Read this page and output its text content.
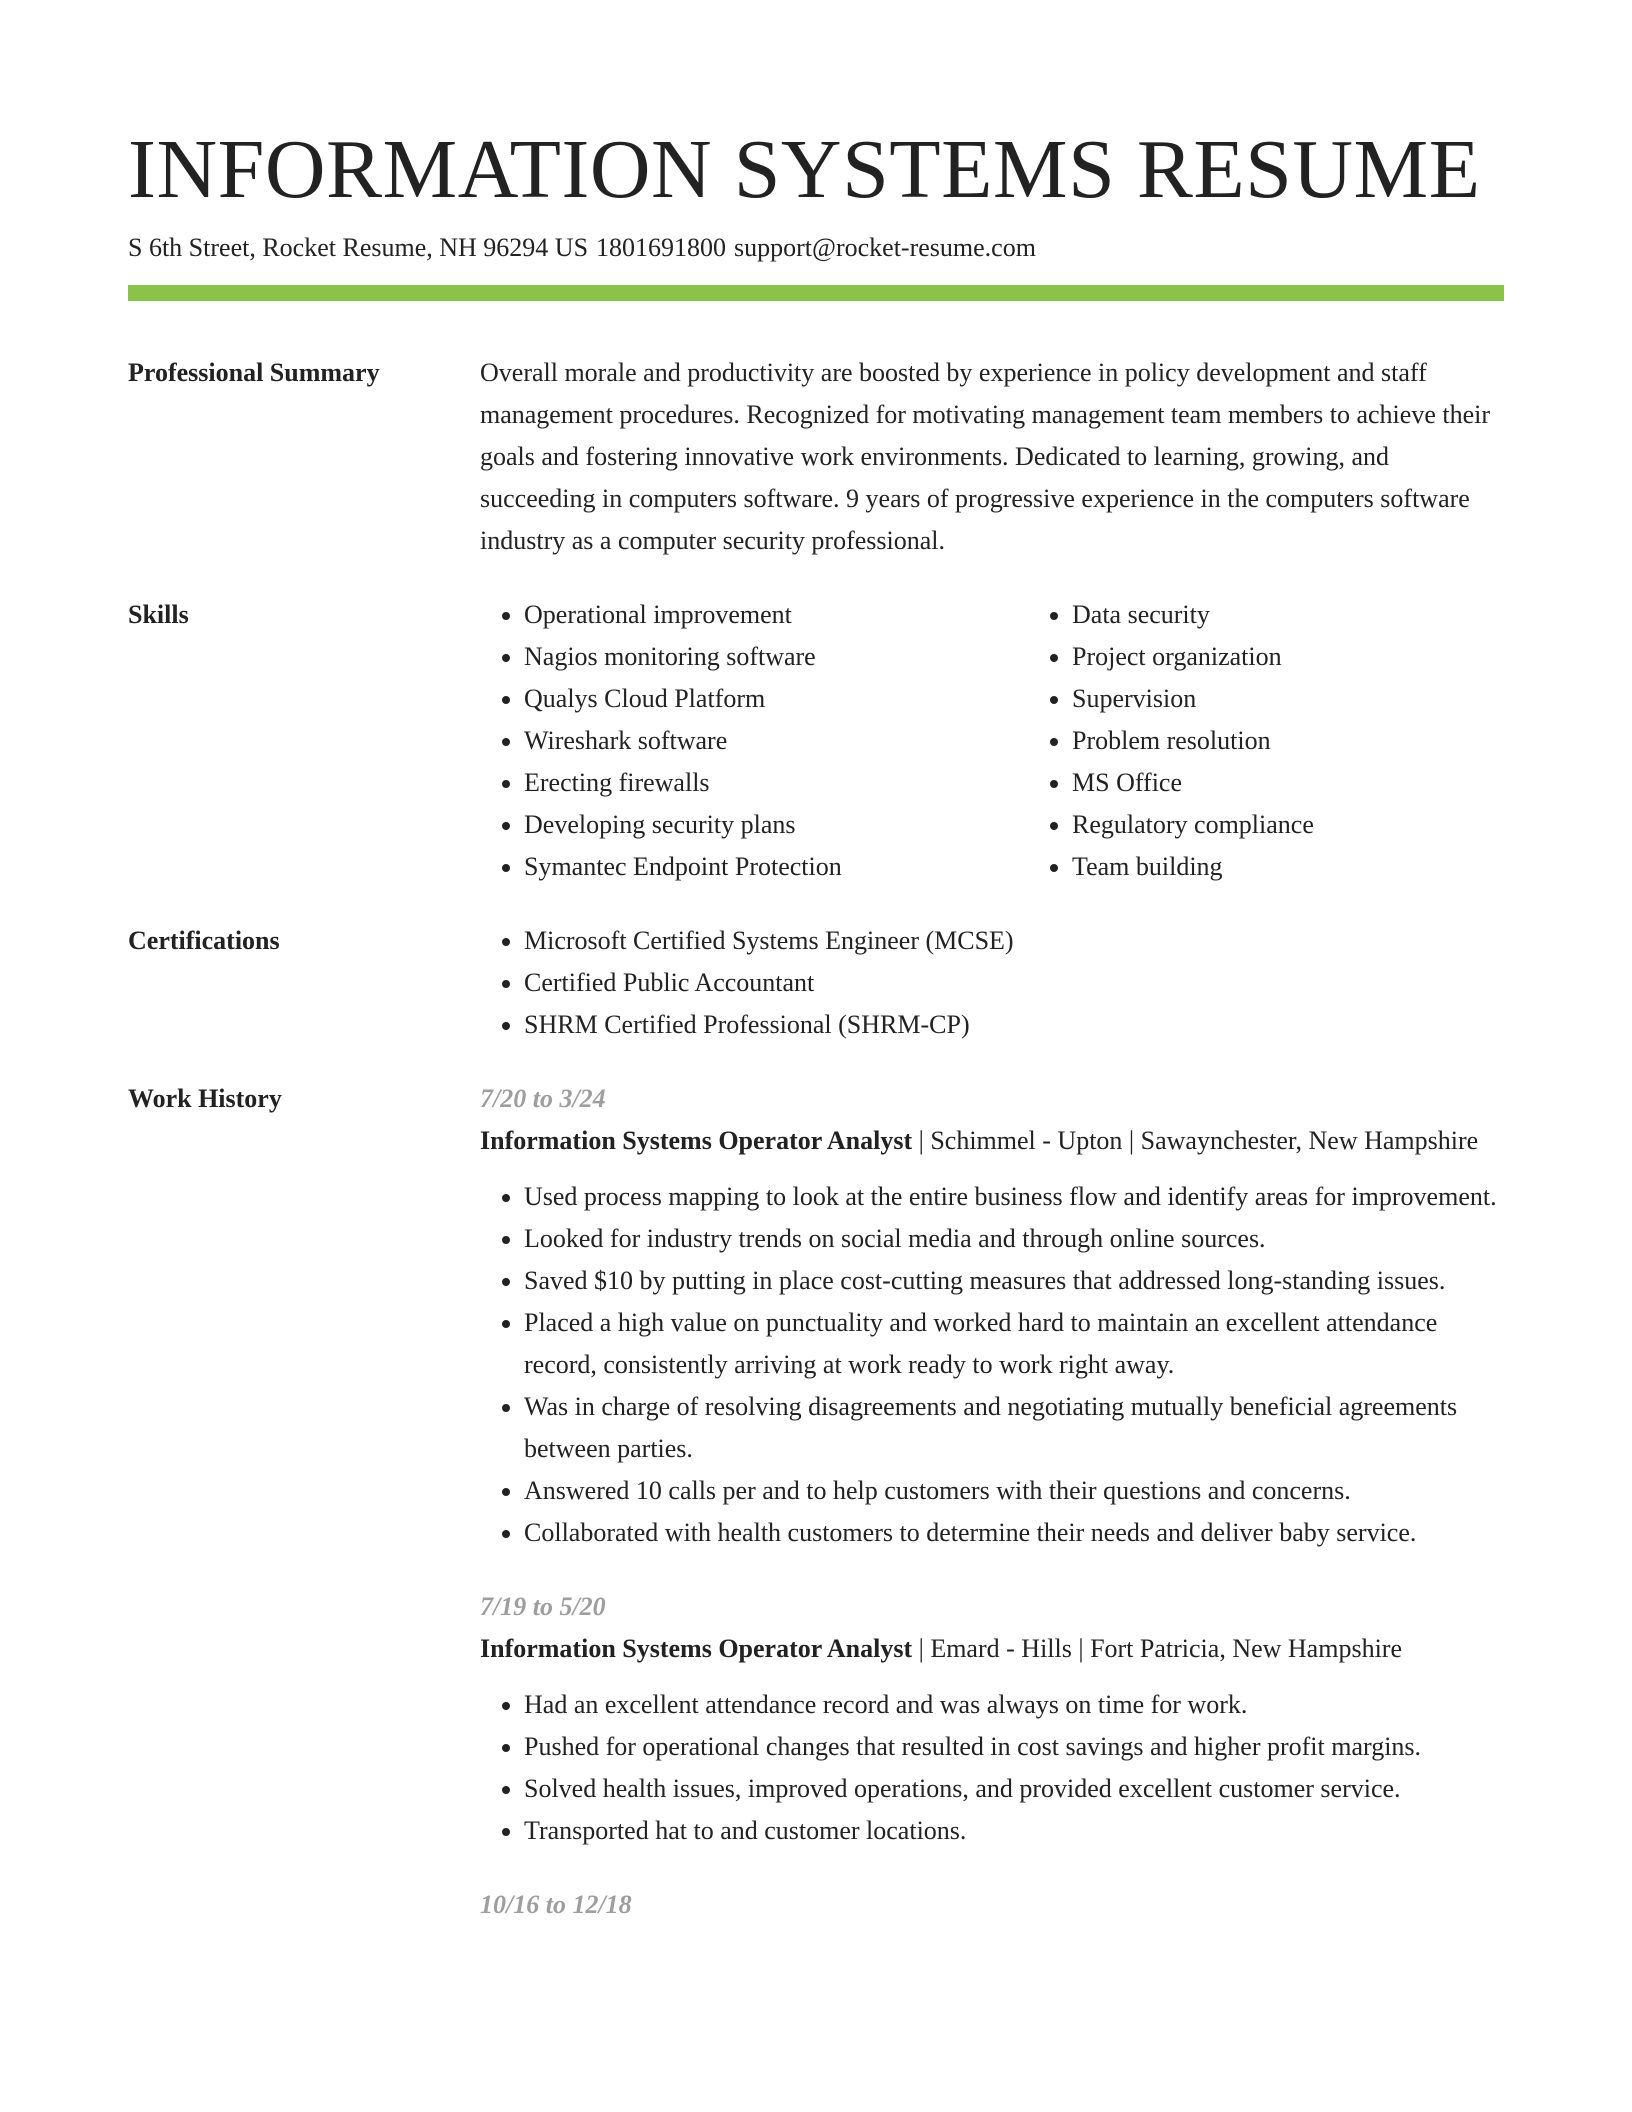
INFORMATION SYSTEMS RESUME
S 6th Street, Rocket Resume, NH 96294 US 1801691800 support@rocket-resume.com
Professional Summary	Overall morale and productivity are boosted by experience in policy development and staff management procedures. Recognized for motivating management team members to achieve their goals and fostering innovative work environments. Dedicated to learning, growing, and succeeding in computers software. 9 years of progressive experience in the computers software industry as a computer security professional.

Skills	• Operational improvement
• Nagios monitoring software
• Qualys Cloud Platform
• Wireshark software
• Erecting firewalls
• Developing security plans
• Symantec Endpoint Protection
• Data security
• Project organization
• Supervision
• Problem resolution
• MS Office
• Regulatory compliance
• Team building
Certifications	• Microsoft Certified Systems Engineer (MCSE)
• Certified Public Accountant
• SHRM Certified Professional (SHRM-CP)
Work History	7/20 to 3/24
Information Systems Operator Analyst | Schimmel - Upton | Sawaynchester, New Hampshire
• Used process mapping to look at the entire business flow and identify areas for improvement.
• Looked for industry trends on social media and through online sources.
• Saved $10 by putting in place cost-cutting measures that addressed long-standing issues.
• Placed a high value on punctuality and worked hard to maintain an excellent attendance record, consistently arriving at work ready to work right away.
• Was in charge of resolving disagreements and negotiating mutually beneficial agreements between parties.
• Answered 10 calls per and to help customers with their questions and concerns.
• Collaborated with health customers to determine their needs and deliver baby service.
7/19 to 5/20
Information Systems Operator Analyst | Emard - Hills | Fort Patricia, New Hampshire
• Had an excellent attendance record and was always on time for work.
• Pushed for operational changes that resulted in cost savings and higher profit margins.
• Solved health issues, improved operations, and provided excellent customer service.
• Transported hat to and customer locations.
10/16 to 12/18
